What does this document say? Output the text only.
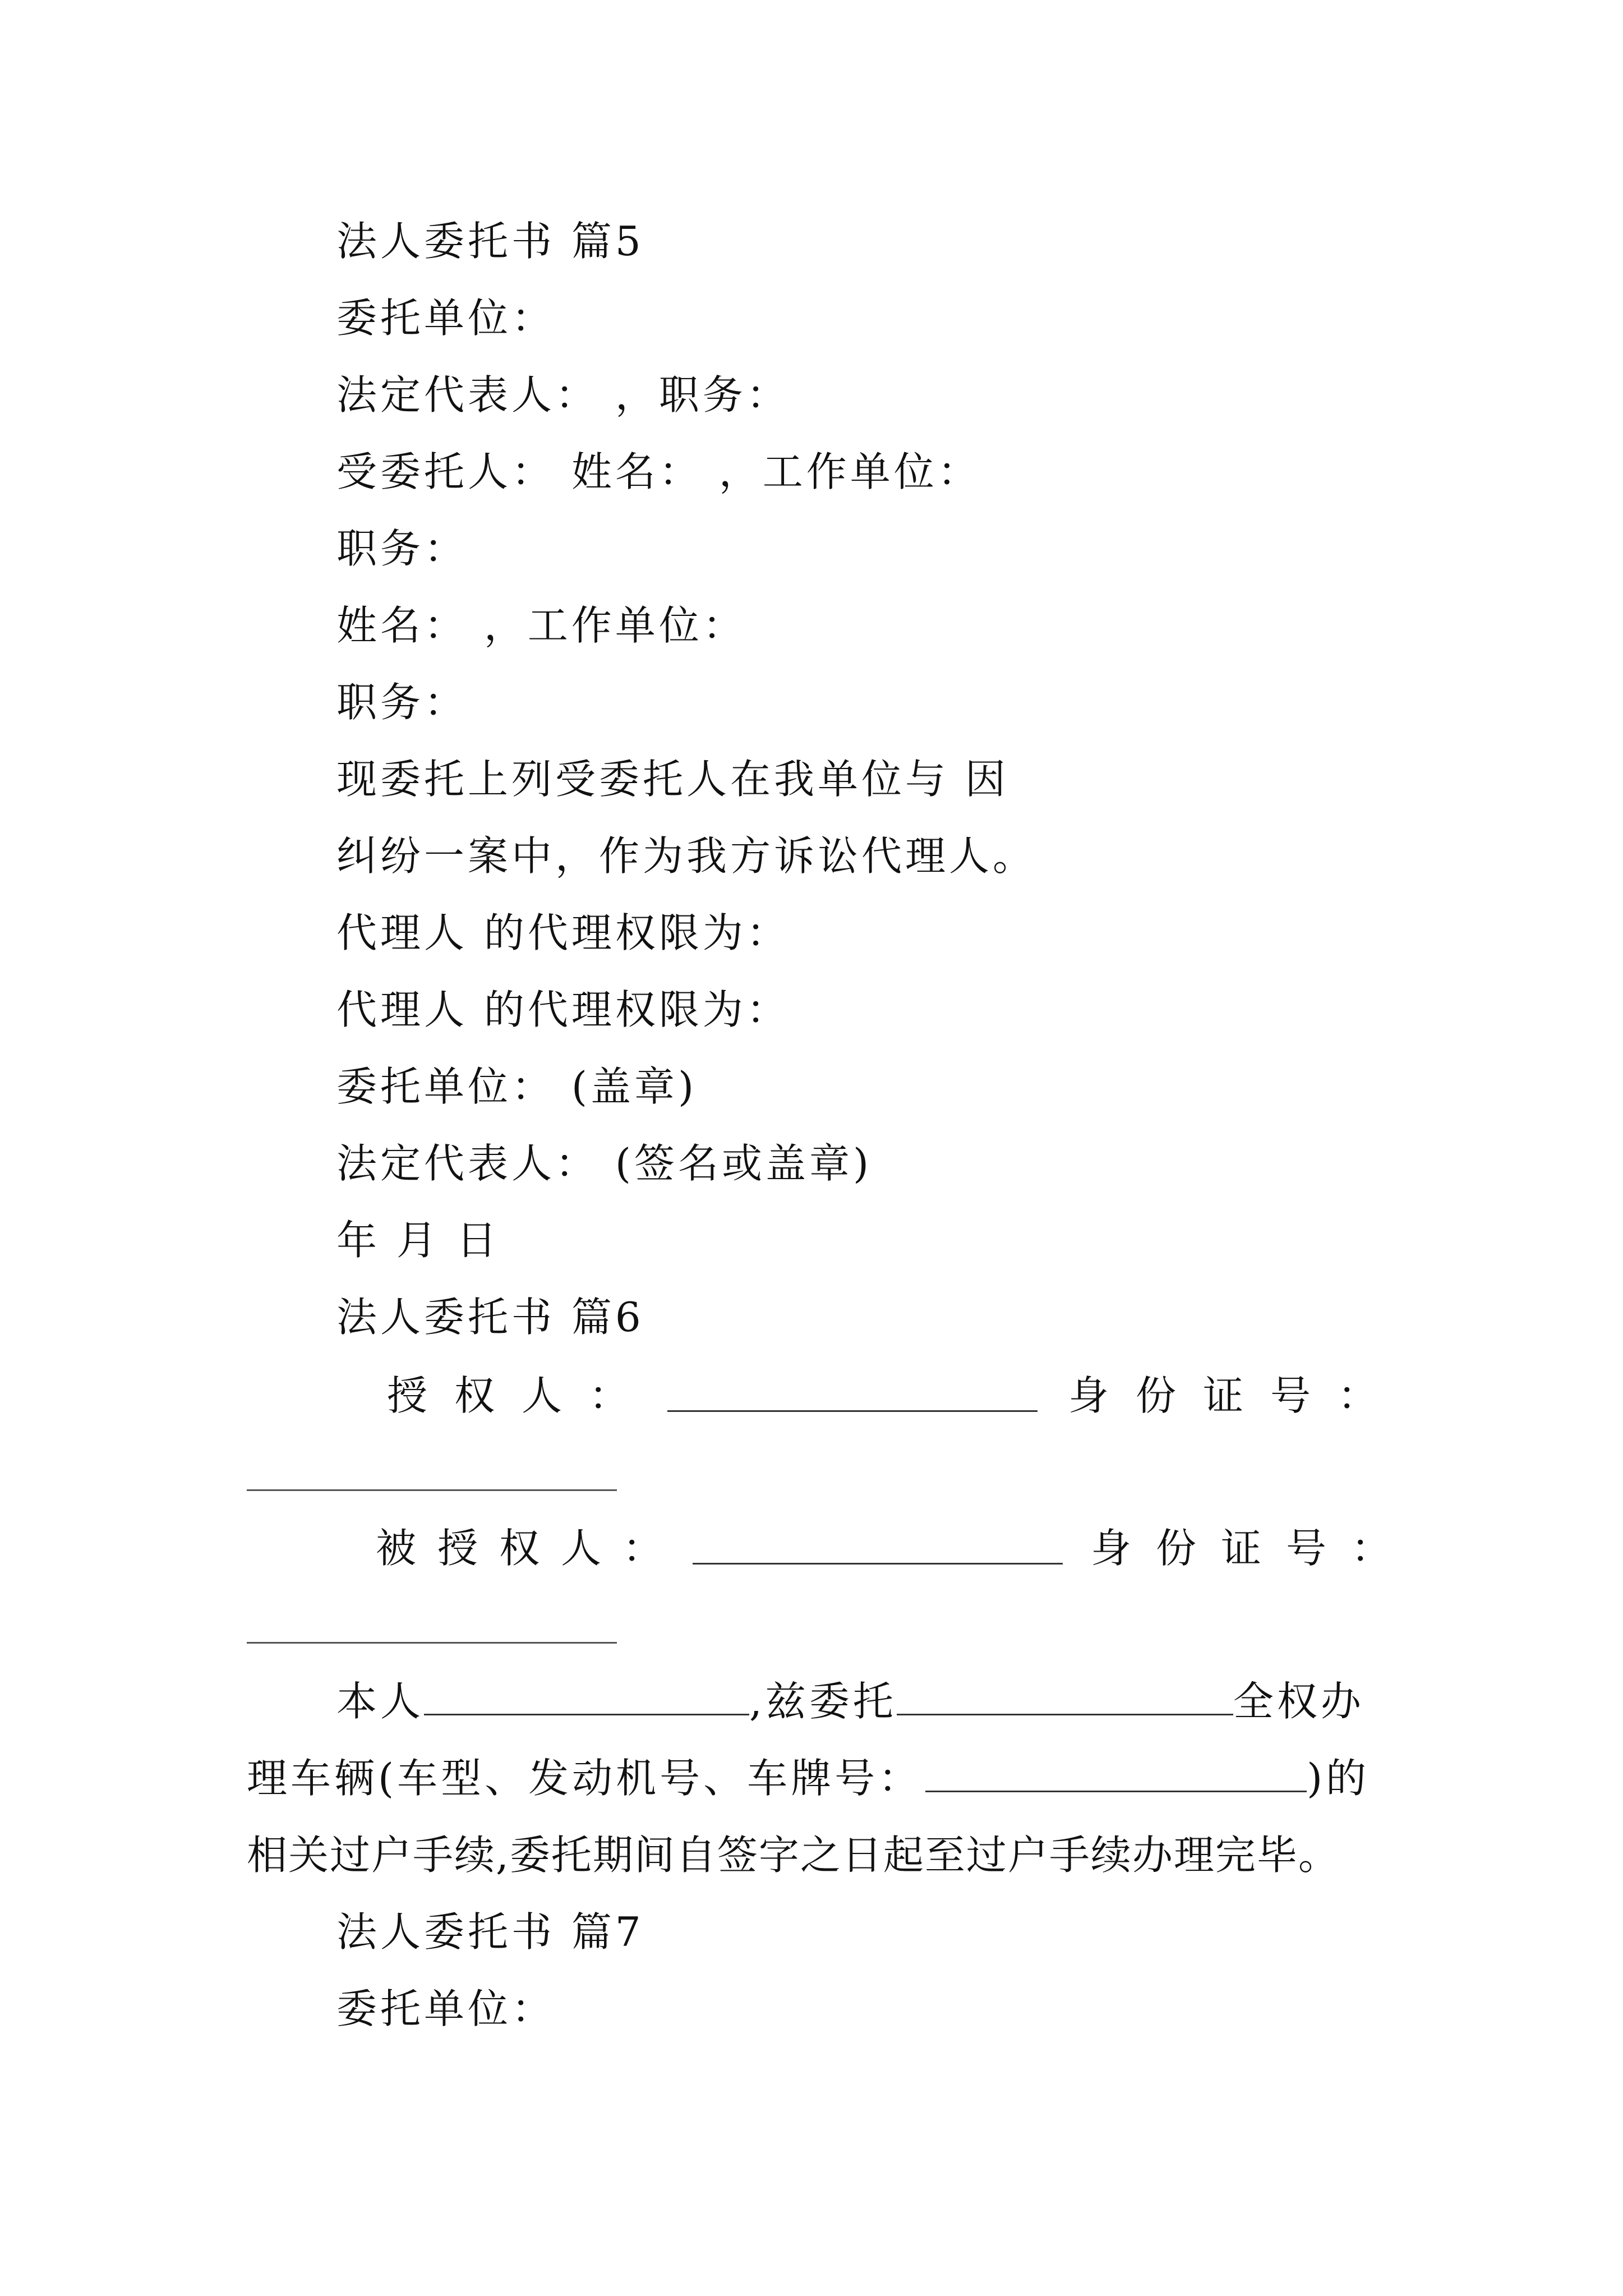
法人委托书 篇5
委托单位：
法定代表人： ，职务：
受委托人： 姓名： ，工作单位：
职务：
姓名： ，工作单位：
职务：
现委托上列受委托人在我单位与 因
纠纷一案中，作为我方诉讼代理人。
代理人 的代理权限为：
代理人 的代理权限为：
委托单位： (盖章)
法定代表人： (签名或盖章)
年 月 日
法人委托书 篇6
授权人：	身份证号：
被授权人：	身份证号：
本人	,兹委托	全权办
理车辆(车型、发动机号、车牌号：	)的
相关过户手续,委托期间自签字之日起至过户手续办理完毕。
法人委托书 篇7
委托单位：
